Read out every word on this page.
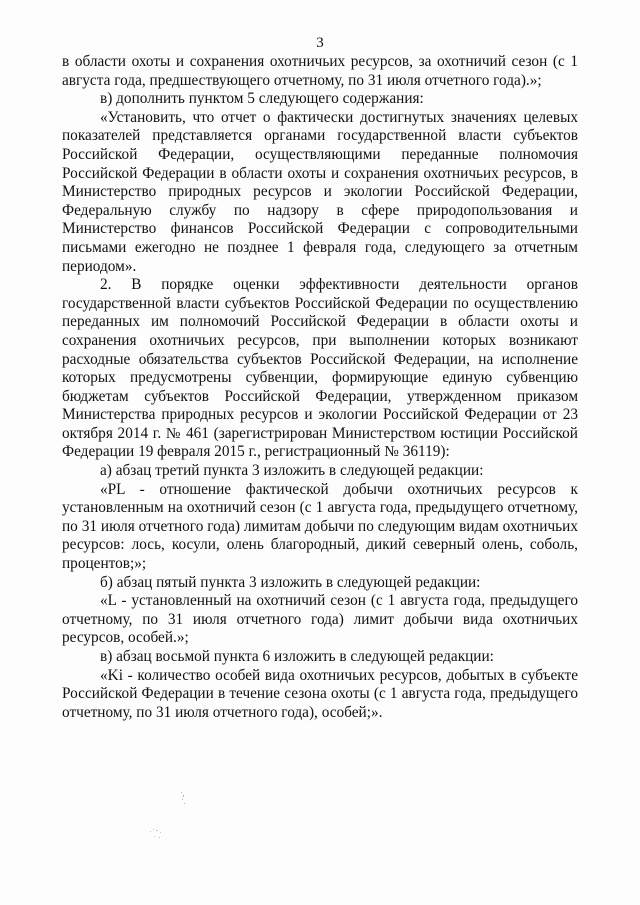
3

в области охоты и сохранения охотничьих ресурсов, за охотничий сезон (с 1 августа года, предшествующего отчетному, по 31 июля отчетного года).»;

в) дополнить пунктом 5 следующего содержания:

«Установить, что отчет о фактически достигнутых значениях целевых показателей представляется органами государственной власти субъектов Российской Федерации, осуществляющими переданные полномочия Российской Федерации в области охоты и сохранения охотничьих ресурсов, в Министерство природных ресурсов и экологии Российской Федерации, Федеральную службу по надзору в сфере природопользования и Министерство финансов Российской Федерации с сопроводительными письмами ежегодно не позднее 1 февраля года, следующего за отчетным периодом».

2. В порядке оценки эффективности деятельности органов государственной власти субъектов Российской Федерации по осуществлению переданных им полномочий Российской Федерации в области охоты и сохранения охотничьих ресурсов, при выполнении которых возникают расходные обязательства субъектов Российской Федерации, на исполнение которых предусмотрены субвенции, формирующие единую субвенцию бюджетам субъектов Российской Федерации, утвержденном приказом Министерства природных ресурсов и экологии Российской Федерации от 23 октября 2014 г. № 461 (зарегистрирован Министерством юстиции Российской Федерации 19 февраля 2015 г., регистрационный № 36119):

а) абзац третий пункта 3 изложить в следующей редакции:

«PL - отношение фактической добычи охотничьих ресурсов к установленным на охотничий сезон (с 1 августа года, предыдущего отчетному, по 31 июля отчетного года) лимитам добычи по следующим видам охотничьих ресурсов: лось, косули, олень благородный, дикий северный олень, соболь, процентов;»;

б) абзац пятый пункта 3 изложить в следующей редакции:

«L - установленный на охотничий сезон (с 1 августа года, предыдущего отчетному, по 31 июля отчетного года) лимит добычи вида охотничьих ресурсов, особей.»;

в) абзац восьмой пункта 6 изложить в следующей редакции:

«Ki - количество особей вида охотничьих ресурсов, добытых в субъекте Российской Федерации в течение сезона охоты (с 1 августа года, предыдущего отчетному, по 31 июля отчетного года), особей;».
